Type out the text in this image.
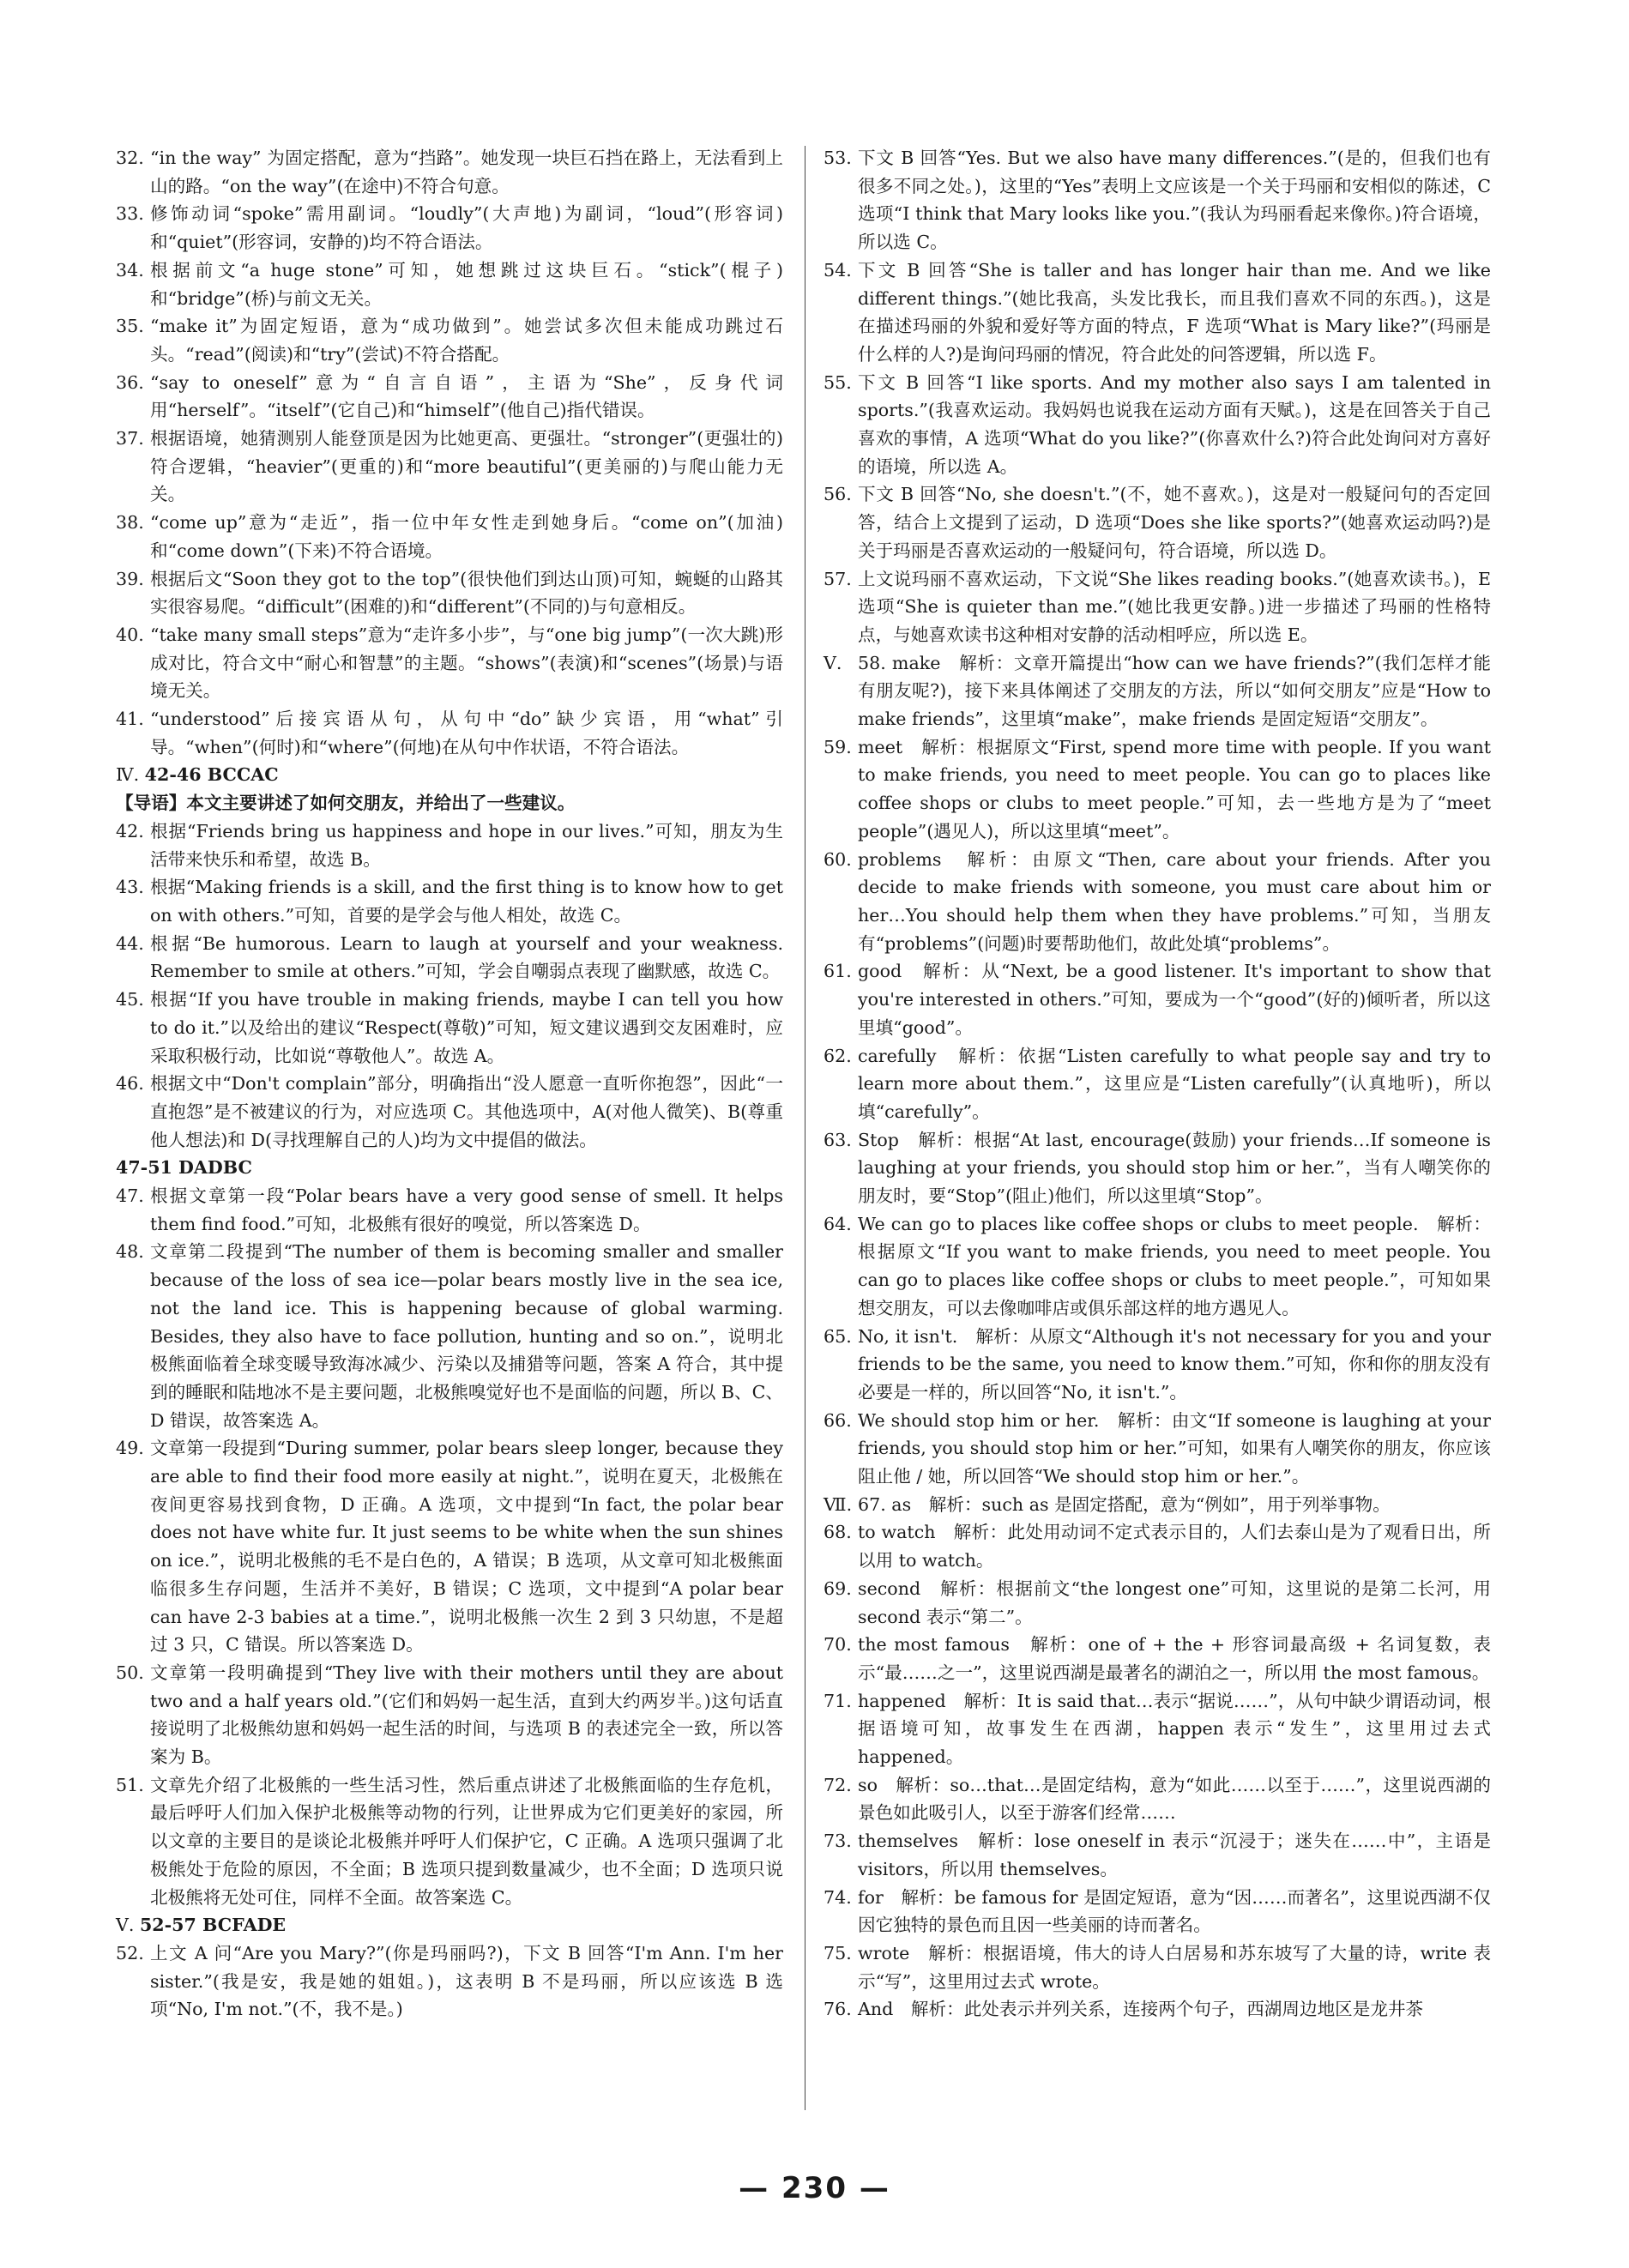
32. “in the way” 为固定搭配，意为“挡路”。她发现一块巨石挡在路上，无法看到上山的路。“on the way”(在途中)不符合句意。

33. 修饰动词“spoke”需用副词。“loudly”(大声地)为副词，“loud”(形容词)和“quiet”(形容词，安静的)均不符合语法。

34. 根据前文“a huge stone”可知，她想跳过这块巨石。“stick”(棍子)和“bridge”(桥)与前文无关。

35. “make it”为固定短语，意为“成功做到”。她尝试多次但未能成功跳过石头。“read”(阅读)和“try”(尝试)不符合搭配。

36. “say to oneself”意为“自言自语”，主语为“She”，反身代词用“herself”。“itself”(它自己)和“himself”(他自己)指代错误。

37. 根据语境，她猜测别人能登顶是因为比她更高、更强壮。“stronger”(更强壮的)符合逻辑，“heavier”(更重的)和“more beautiful”(更美丽的)与爬山能力无关。

38. “come up”意为“走近”，指一位中年女性走到她身后。“come on”(加油)和“come down”(下来)不符合语境。

39. 根据后文“Soon they got to the top”(很快他们到达山顶)可知，蜿蜒的山路其实很容易爬。“difficult”(困难的)和“different”(不同的)与句意相反。

40. “take many small steps”意为“走许多小步”，与“one big jump”(一次大跳)形成对比，符合文中“耐心和智慧”的主题。“shows”(表演)和“scenes”(场景)与语境无关。

41. “understood”后接宾语从句，从句中“do”缺少宾语，用“what”引导。“when”(何时)和“where”(何地)在从句中作状语，不符合语法。

Ⅳ. 42-46 BCCAC

【导语】本文主要讲述了如何交朋友，并给出了一些建议。

42. 根据“Friends bring us happiness and hope in our lives.”可知，朋友为生活带来快乐和希望，故选 B。

43. 根据“Making friends is a skill, and the first thing is to know how to get on with others.”可知，首要的是学会与他人相处，故选 C。

44. 根据“Be humorous. Learn to laugh at yourself and your weakness. Remember to smile at others.”可知，学会自嘲弱点表现了幽默感，故选 C。

45. 根据“If you have trouble in making friends, maybe I can tell you how to do it.”以及给出的建议“Respect(尊敬)”可知，短文建议遇到交友困难时，应采取积极行动，比如说“尊敬他人”。故选 A。

46. 根据文中“Don't complain”部分，明确指出“没人愿意一直听你抱怨”，因此“一直抱怨”是不被建议的行为，对应选项 C。其他选项中，A(对他人微笑)、B(尊重他人想法)和 D(寻找理解自己的人)均为文中提倡的做法。

47-51 DADBC

47. 根据文章第一段“Polar bears have a very good sense of smell. It helps them find food.”可知，北极熊有很好的嗅觉，所以答案选 D。

48. 文章第二段提到“The number of them is becoming smaller and smaller because of the loss of sea ice—polar bears mostly live in the sea ice, not the land ice. This is happening because of global warming. Besides, they also have to face pollution, hunting and so on.”，说明北极熊面临着全球变暖导致海冰减少、污染以及捕猎等问题，答案 A 符合，其中提到的睡眠和陆地冰不是主要问题，北极熊嗅觉好也不是面临的问题，所以 B、C、D 错误，故答案选 A。

49. 文章第一段提到“During summer, polar bears sleep longer, because they are able to find their food more easily at night.”，说明在夏天，北极熊在夜间更容易找到食物，D 正确。A 选项，文中提到“In fact, the polar bear does not have white fur. It just seems to be white when the sun shines on ice.”，说明北极熊的毛不是白色的，A 错误；B 选项，从文章可知北极熊面临很多生存问题，生活并不美好，B 错误；C 选项，文中提到“A polar bear can have 2-3 babies at a time.”，说明北极熊一次生 2 到 3 只幼崽，不是超过 3 只，C 错误。所以答案选 D。

50. 文章第一段明确提到“They live with their mothers until they are about two and a half years old.”(它们和妈妈一起生活，直到大约两岁半。)这句话直接说明了北极熊幼崽和妈妈一起生活的时间，与选项 B 的表述完全一致，所以答案为 B。

51. 文章先介绍了北极熊的一些生活习性，然后重点讲述了北极熊面临的生存危机，最后呼吁人们加入保护北极熊等动物的行列，让世界成为它们更美好的家园，所以文章的主要目的是谈论北极熊并呼吁人们保护它，C 正确。A 选项只强调了北极熊处于危险的原因，不全面；B 选项只提到数量减少，也不全面；D 选项只说北极熊将无处可住，同样不全面。故答案选 C。

Ⅴ. 52-57 BCFADE

52. 上文 A 问“Are you Mary?”(你是玛丽吗?)，下文 B 回答“I'm Ann. I'm her sister.”(我是安，我是她的姐姐。)，这表明 B 不是玛丽，所以应该选 B 选项“No, I'm not.”(不，我不是。)

53. 下文 B 回答“Yes. But we also have many differences.”(是的，但我们也有很多不同之处。)，这里的“Yes”表明上文应该是一个关于玛丽和安相似的陈述，C 选项“I think that Mary looks like you.”(我认为玛丽看起来像你。)符合语境，所以选 C。

54. 下文 B 回答“She is taller and has longer hair than me. And we like different things.”(她比我高，头发比我长，而且我们喜欢不同的东西。)，这是在描述玛丽的外貌和爱好等方面的特点，F 选项“What is Mary like?”(玛丽是什么样的人?)是询问玛丽的情况，符合此处的问答逻辑，所以选 F。

55. 下文 B 回答“I like sports. And my mother also says I am talented in sports.”(我喜欢运动。我妈妈也说我在运动方面有天赋。)，这是在回答关于自己喜欢的事情，A 选项“What do you like?”(你喜欢什么?)符合此处询问对方喜好的语境，所以选 A。

56. 下文 B 回答“No, she doesn't.”(不，她不喜欢。)，这是对一般疑问句的否定回答，结合上文提到了运动，D 选项“Does she like sports?”(她喜欢运动吗?)是关于玛丽是否喜欢运动的一般疑问句，符合语境，所以选 D。

57. 上文说玛丽不喜欢运动，下文说“She likes reading books.”(她喜欢读书。)，E 选项“She is quieter than me.”(她比我更安静。)进一步描述了玛丽的性格特点，与她喜欢读书这种相对安静的活动相呼应，所以选 E。

Ⅴ. 58. make　解析：文章开篇提出“how can we have friends?”(我们怎样才能有朋友呢?)，接下来具体阐述了交朋友的方法，所以“如何交朋友”应是“How to make friends”，这里填“make”，make friends 是固定短语“交朋友”。

59. meet　解析：根据原文“First, spend more time with people. If you want to make friends, you need to meet people. You can go to places like coffee shops or clubs to meet people.”可知，去一些地方是为了“meet people”(遇见人)，所以这里填“meet”。

60. problems　解析：由原文“Then, care about your friends. After you decide to make friends with someone, you must care about him or her…You should help them when they have problems.”可知，当朋友有“problems”(问题)时要帮助他们，故此处填“problems”。

61. good　解析：从“Next, be a good listener. It's important to show that you're interested in others.”可知，要成为一个“good”(好的)倾听者，所以这里填“good”。

62. carefully　解析：依据“Listen carefully to what people say and try to learn more about them.”，这里应是“Listen carefully”(认真地听)，所以填“carefully”。

63. Stop　解析：根据“At last, encourage(鼓励) your friends…If someone is laughing at your friends, you should stop him or her.”，当有人嘲笑你的朋友时，要“Stop”(阻止)他们，所以这里填“Stop”。

64. We can go to places like coffee shops or clubs to meet people.　解析：根据原文“If you want to make friends, you need to meet people. You can go to places like coffee shops or clubs to meet people.”，可知如果想交朋友，可以去像咖啡店或俱乐部这样的地方遇见人。

65. No, it isn't.　解析：从原文“Although it's not necessary for you and your friends to be the same, you need to know them.”可知，你和你的朋友没有必要是一样的，所以回答“No, it isn't.”。

66. We should stop him or her.　解析：由文“If someone is laughing at your friends, you should stop him or her.”可知，如果有人嘲笑你的朋友，你应该阻止他 / 她，所以回答“We should stop him or her.”。

Ⅶ. 67. as　解析：such as 是固定搭配，意为“例如”，用于列举事物。

68. to watch　解析：此处用动词不定式表示目的，人们去泰山是为了观看日出，所以用 to watch。

69. second　解析：根据前文“the longest one”可知，这里说的是第二长河，用 second 表示“第二”。

70. the most famous　解析：one of + the + 形容词最高级 + 名词复数，表示“最……之一”，这里说西湖是最著名的湖泊之一，所以用 the most famous。

71. happened　解析：It is said that…表示“据说……”，从句中缺少谓语动词，根据语境可知，故事发生在西湖，happen 表示“发生”，这里用过去式 happened。

72. so　解析：so…that…是固定结构，意为“如此……以至于……”，这里说西湖的景色如此吸引人，以至于游客们经常……

73. themselves　解析：lose oneself in 表示“沉浸于；迷失在……中”，主语是 visitors，所以用 themselves。

74. for　解析：be famous for 是固定短语，意为“因……而著名”，这里说西湖不仅因它独特的景色而且因一些美丽的诗而著名。

75. wrote　解析：根据语境，伟大的诗人白居易和苏东坡写了大量的诗，write 表示“写”，这里用过去式 wrote。

76. And　解析：此处表示并列关系，连接两个句子，西湖周边地区是龙井茶

— 230 —
